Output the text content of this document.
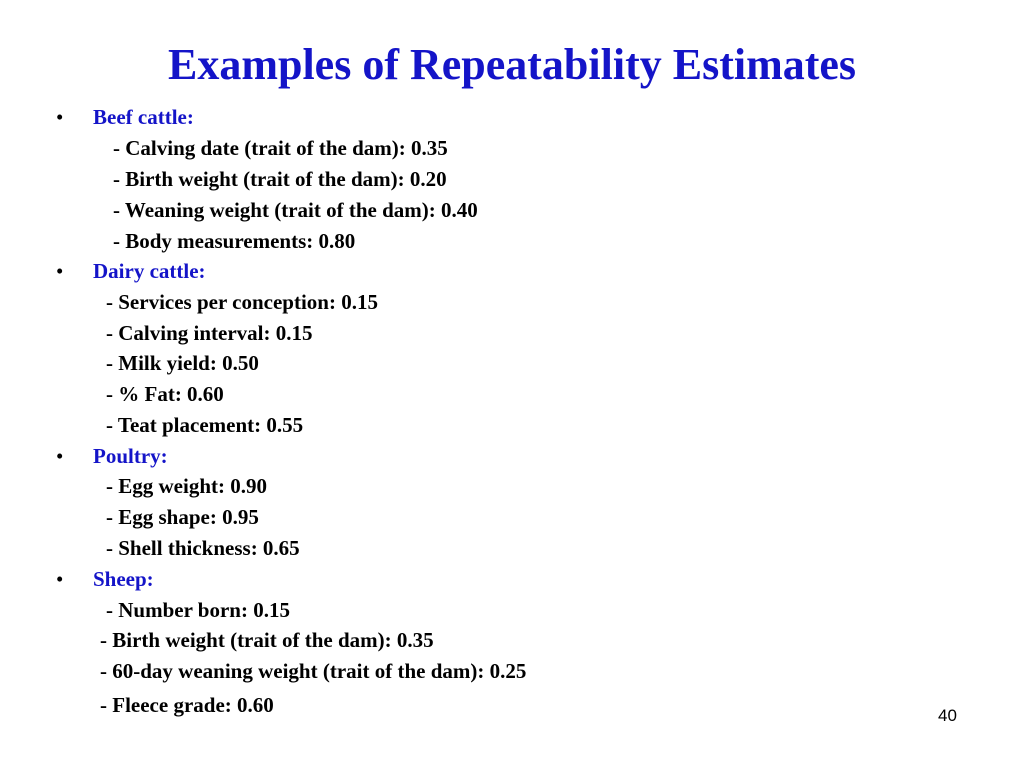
Examples of Repeatability Estimates
• Beef cattle:
- Calving date (trait of the dam): 0.35
- Birth weight (trait of the dam): 0.20
- Weaning weight (trait of the dam): 0.40
- Body measurements: 0.80
• Dairy cattle:
- Services per conception: 0.15
- Calving interval: 0.15
- Milk yield: 0.50
- % Fat: 0.60
- Teat placement: 0.55
• Poultry:
- Egg weight: 0.90
- Egg shape: 0.95
- Shell thickness: 0.65
• Sheep:
- Number born: 0.15
- Birth weight (trait of the dam): 0.35
- 60-day weaning weight (trait of the dam): 0.25
- Fleece grade: 0.60	40
